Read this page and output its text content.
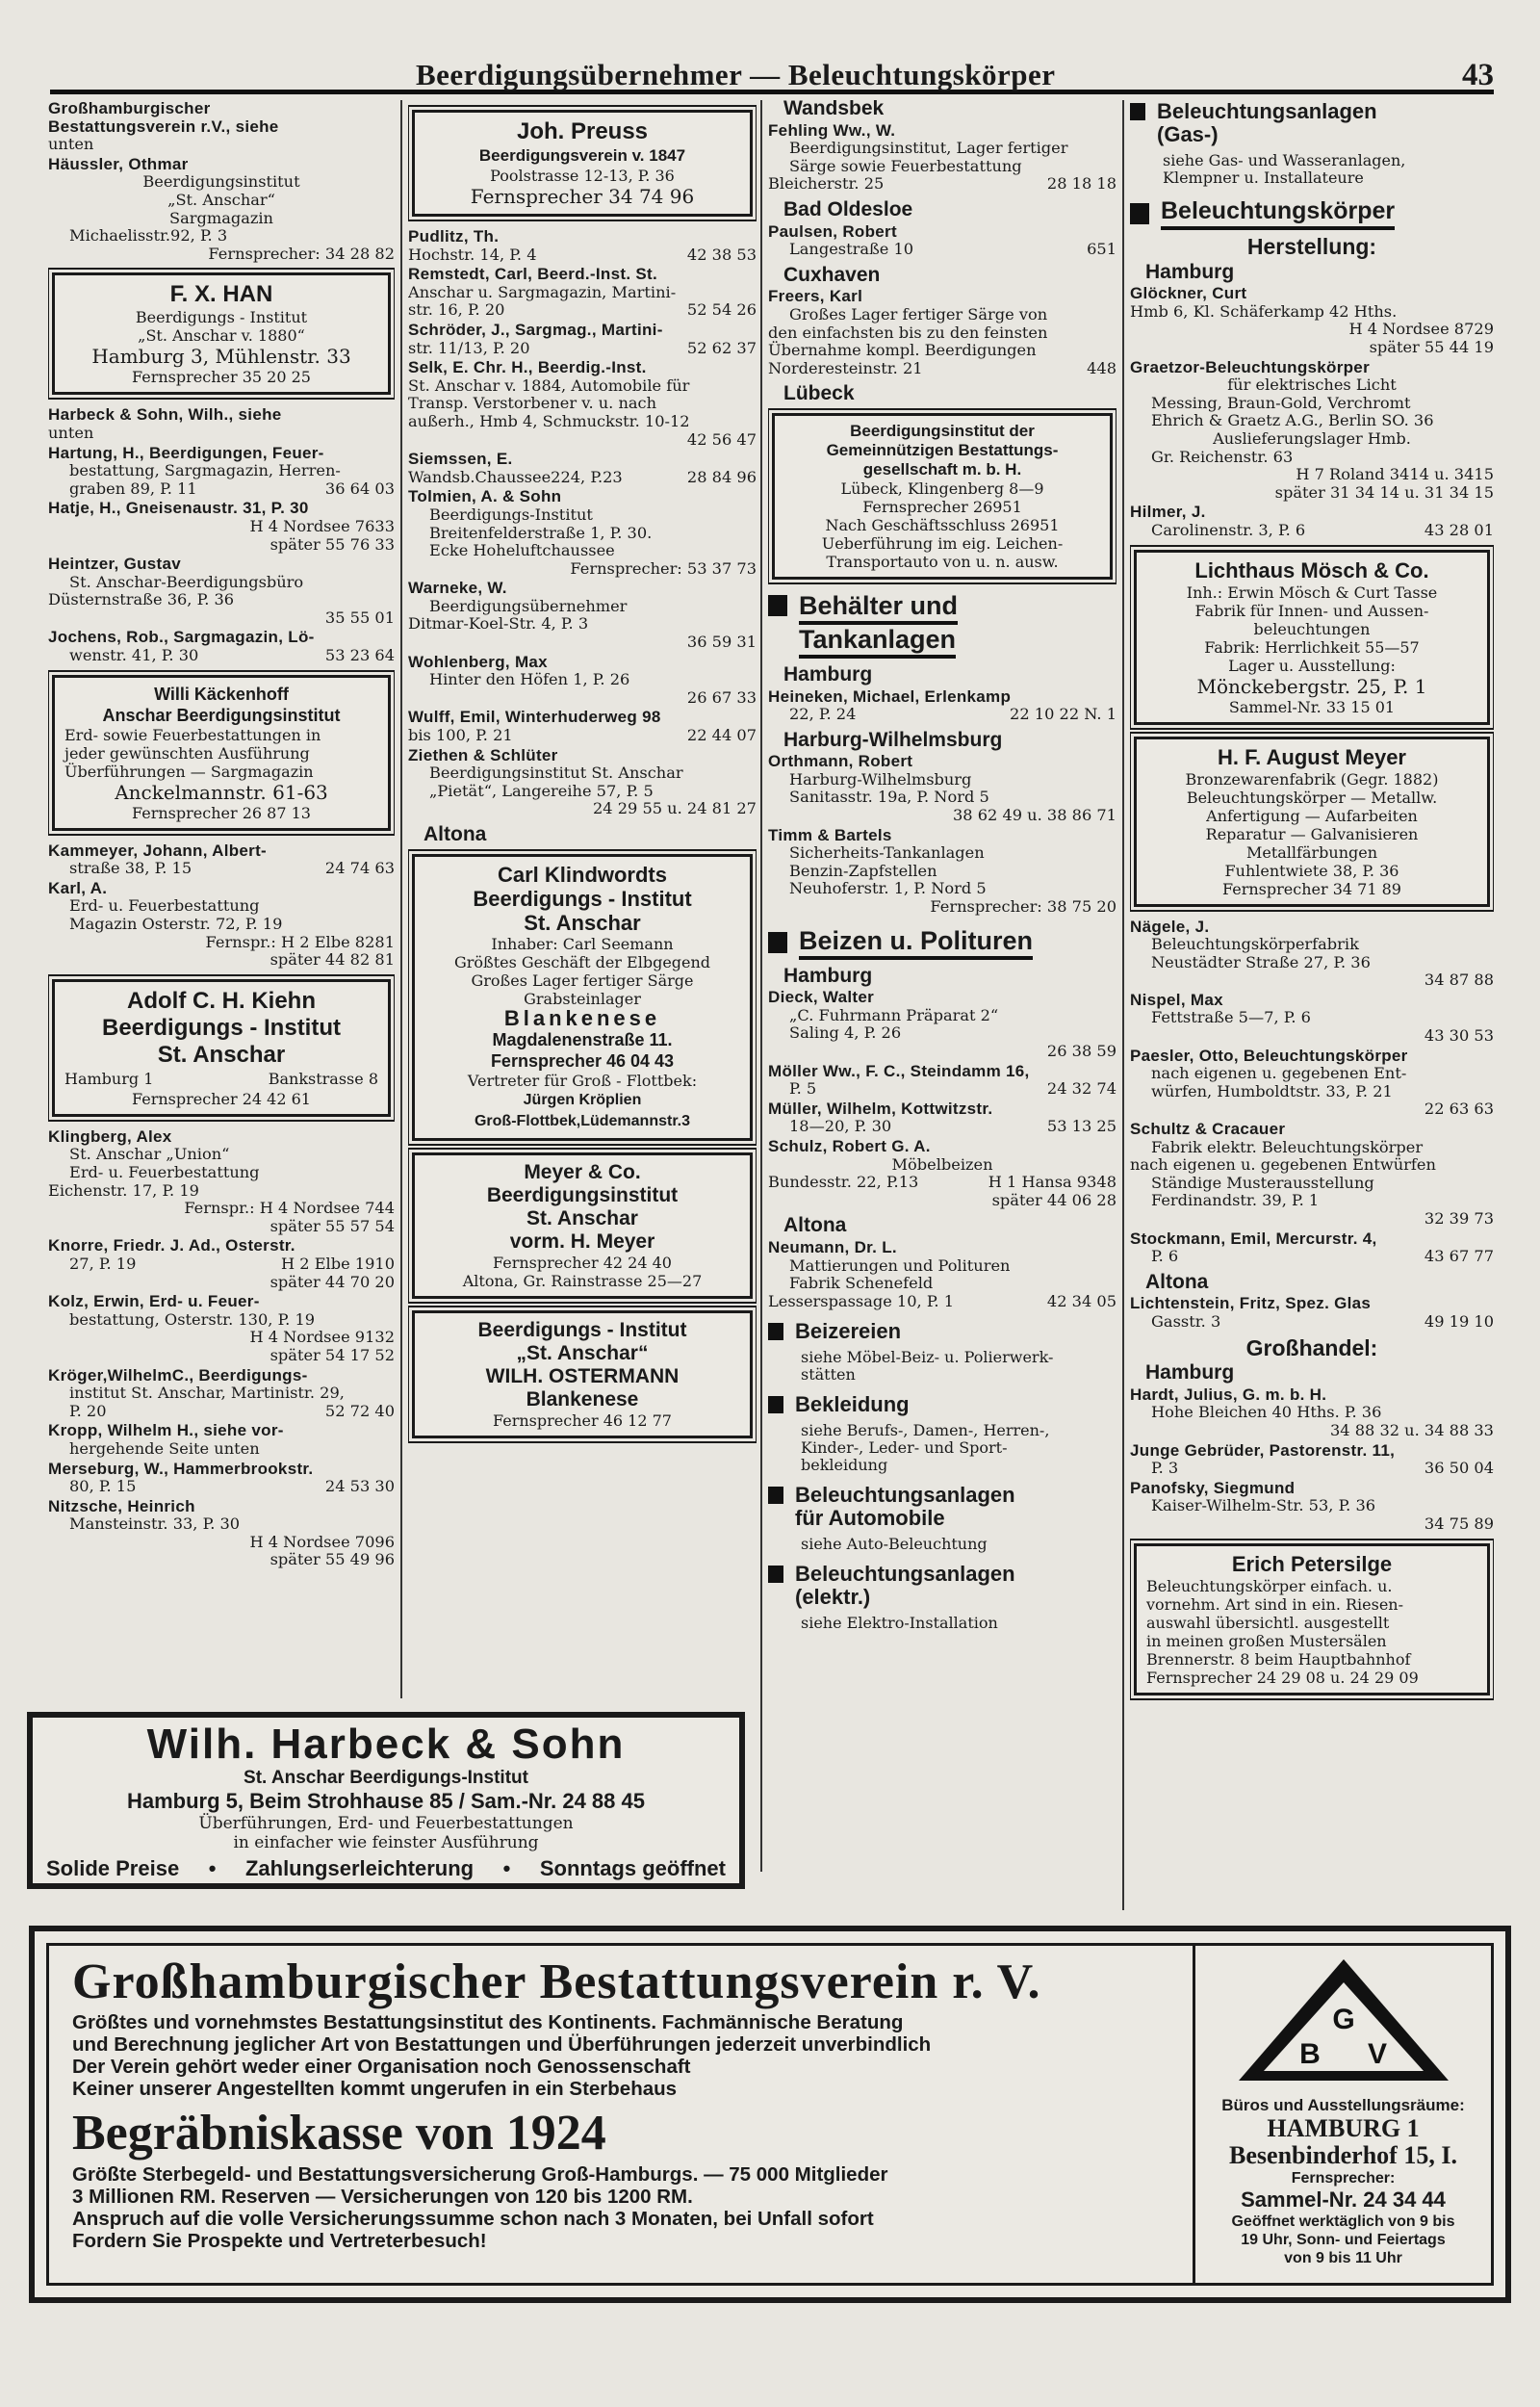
Beerdigungsübernehmer — Beleuchtungskörper	43
Großhamburgischer
Bestattungsverein r.V., siehe
unten
Häussler, Othmar
Beerdigungsinstitut
„St. Anschar“
Sargmagazin
Michaelisstr.92, P. 3
Fernsprecher: 34 28 82
F. X. HAN
Beerdigungs - Institut
„St. Anschar v. 1880“
Hamburg 3, Mühlenstr. 33
Fernsprecher 35 20 25
Harbeck & Sohn, Wilh., siehe
unten
Hartung, H., Beerdigungen, Feuer-
bestattung, Sargmagazin, Herren-
graben 89, P. 11	36 64 03
Hatje, H., Gneisenaustr. 31, P. 30
H 4 Nordsee 7633
später 55 76 33
Heintzer, Gustav
St. Anschar-Beerdigungsbüro
Düsternstraße 36, P. 36
35 55 01
Jochens, Rob., Sargmagazin, Lö-
wenstr. 41, P. 30	53 23 64
Willi Käckenhoff
Anschar Beerdigungsinstitut
Erd- sowie Feuerbestattungen in
jeder gewünschten Ausführung
Überführungen — Sargmagazin
Anckelmannstr. 61-63
Fernsprecher 26 87 13
Kammeyer, Johann, Albert-
straße 38, P. 15	24 74 63
Karl, A.
Erd- u. Feuerbestattung
Magazin Osterstr. 72, P. 19
Fernspr.: H 2 Elbe 8281
später 44 82 81
Adolf C. H. Kiehn
Beerdigungs - Institut
St. Anschar
Hamburg 1	Bankstrasse 8
Fernsprecher 24 42 61
Klingberg, Alex
St. Anschar „Union“
Erd- u. Feuerbestattung
Eichenstr. 17, P. 19
Fernspr.: H 4 Nordsee 744
später 55 57 54
Knorre, Friedr. J. Ad., Osterstr.
27, P. 19	H 2 Elbe 1910
später 44 70 20
Kolz, Erwin, Erd- u. Feuer-
bestattung, Osterstr. 130, P. 19
H 4 Nordsee 9132
später 54 17 52
Kröger,WilhelmC., Beerdigungs-
institut St. Anschar, Martinistr. 29,
P. 20	52 72 40
Kropp, Wilhelm H., siehe vor-
hergehende Seite unten
Merseburg, W., Hammerbrookstr.
80, P. 15	24 53 30
Nitzsche, Heinrich
Mansteinstr. 33, P. 30
H 4 Nordsee 7096
später 55 49 96
Joh. Preuss
Beerdigungsverein v. 1847
Poolstrasse 12-13, P. 36
Fernsprecher 34 74 96
Pudlitz, Th.
Hochstr. 14, P. 4	42 38 53
Remstedt, Carl, Beerd.-Inst. St.
Anschar u. Sargmagazin, Martini-
str. 16, P. 20	52 54 26
Schröder, J., Sargmag., Martini-
str. 11/13, P. 20	52 62 37
Selk, E. Chr. H., Beerdig.-Inst.
St. Anschar v. 1884, Automobile für
Transp. Verstorbener v. u. nach
außerh., Hmb 4, Schmuckstr. 10-12
42 56 47
Siemssen, E.
Wandsb.Chaussee224, P.23	28 84 96
Tolmien, A. & Sohn
Beerdigungs-Institut
Breitenfelderstraße 1, P. 30.
Ecke Hoheluftchaussee
Fernsprecher: 53 37 73
Warneke, W.
Beerdigungsübernehmer
Ditmar-Koel-Str. 4, P. 3
36 59 31
Wohlenberg, Max
Hinter den Höfen 1, P. 26
26 67 33
Wulff, Emil, Winterhuderweg 98
bis 100, P. 21	22 44 07
Ziethen & Schlüter
Beerdigungsinstitut St. Anschar
„Pietät“, Langereihe 57, P. 5
24 29 55 u. 24 81 27
Altona
Carl Klindwordts
Beerdigungs - Institut
St. Anschar
Inhaber: Carl Seemann
Größtes Geschäft der Elbgegend
Großes Lager fertiger Särge
Grabsteinlager
Blankenese
Magdalenenstraße 11.
Fernsprecher 46 04 43
Vertreter für Groß - Flottbek:
Jürgen Kröplien
Groß-Flottbek,Lüdemannstr.3
Meyer & Co.
Beerdigungsinstitut
St. Anschar
vorm. H. Meyer
Fernsprecher 42 24 40
Altona, Gr. Rainstrasse 25—27
Beerdigungs - Institut
„St. Anschar“
WILH. OSTERMANN
Blankenese
Fernsprecher 46 12 77
Wandsbek
Fehling Ww., W.
Beerdigungsinstitut, Lager fertiger
Särge sowie Feuerbestattung
Bleicherstr. 25	28 18 18
Bad Oldesloe
Paulsen, Robert
Langestraße 10	651
Cuxhaven
Freers, Karl
Großes Lager fertiger Särge von
den einfachsten bis zu den feinsten
Übernahme kompl. Beerdigungen
Norderesteinstr. 21	448
Lübeck
Beerdigungsinstitut der
Gemeinnützigen Bestattungs-
gesellschaft m. b. H.
Lübeck, Klingenberg 8—9
Fernsprecher 26951
Nach Geschäftsschluss 26951
Ueberführung im eig. Leichen-
Transportauto von u. n. ausw.
Behälter und
Tankanlagen
Hamburg
Heineken, Michael, Erlenkamp
22, P. 24	22 10 22 N. 1
Harburg-Wilhelmsburg
Orthmann, Robert
Harburg-Wilhelmsburg
Sanitasstr. 19a, P. Nord 5
38 62 49 u. 38 86 71
Timm & Bartels
Sicherheits-Tankanlagen
Benzin-Zapfstellen
Neuhoferstr. 1, P. Nord 5
Fernsprecher: 38 75 20
Beizen u. Polituren
Hamburg
Dieck, Walter
„C. Fuhrmann Präparat 2“
Saling 4, P. 26
26 38 59
Möller Ww., F. C., Steindamm 16,
P. 5	24 32 74
Müller, Wilhelm, Kottwitzstr.
18—20, P. 30	53 13 25
Schulz, Robert G. A.
Möbelbeizen
Bundesstr. 22, P.13	H 1 Hansa 9348
später 44 06 28
Altona
Neumann, Dr. L.
Mattierungen und Polituren
Fabrik Schenefeld
Lesserspassage 10, P. 1	42 34 05
Beizereien
siehe Möbel-Beiz- u. Polierwerk-
stätten
Bekleidung
siehe Berufs-, Damen-, Herren-,
Kinder-, Leder- und Sport-
bekleidung
Beleuchtungsanlagen
für Automobile
siehe Auto-Beleuchtung
Beleuchtungsanlagen
(elektr.)
siehe Elektro-Installation
Beleuchtungsanlagen
(Gas-)
siehe Gas- und Wasseranlagen,
Klempner u. Installateure
Beleuchtungskörper
Herstellung:
Hamburg
Glöckner, Curt
Hmb 6, Kl. Schäferkamp 42 Hths.
H 4 Nordsee 8729
später 55 44 19
Graetzor-Beleuchtungskörper
für elektrisches Licht
Messing, Braun-Gold, Verchromt
Ehrich & Graetz A.G., Berlin SO. 36
Auslieferungslager Hmb.
Gr. Reichenstr. 63
H 7 Roland 3414 u. 3415
später 31 34 14 u. 31 34 15
Hilmer, J.
Carolinenstr. 3, P. 6	43 28 01
Lichthaus Mösch & Co.
Inh.: Erwin Mösch & Curt Tasse
Fabrik für Innen- und Aussen-
beleuchtungen
Fabrik: Herrlichkeit 55—57
Lager u. Ausstellung:
Mönckebergstr. 25, P. 1
Sammel-Nr. 33 15 01
H. F. August Meyer
Bronzewarenfabrik (Gegr. 1882)
Beleuchtungskörper — Metallw.
Anfertigung — Aufarbeiten
Reparatur — Galvanisieren
Metallfärbungen
Fuhlentwiete 38, P. 36
Fernsprecher 34 71 89
Nägele, J.
Beleuchtungskörperfabrik
Neustädter Straße 27, P. 36
34 87 88
Nispel, Max
Fettstraße 5—7, P. 6
43 30 53
Paesler, Otto, Beleuchtungskörper
nach eigenen u. gegebenen Ent-
würfen, Humboldtstr. 33, P. 21
22 63 63
Schultz & Cracauer
Fabrik elektr. Beleuchtungskörper
nach eigenen u. gegebenen Entwürfen
Ständige Musterausstellung
Ferdinandstr. 39, P. 1
32 39 73
Stockmann, Emil, Mercurstr. 4,
P. 6	43 67 77
Altona
Lichtenstein, Fritz, Spez. Glas
Gasstr. 3	49 19 10
Großhandel:
Hamburg
Hardt, Julius, G. m. b. H.
Hohe Bleichen 40 Hths. P. 36
34 88 32 u. 34 88 33
Junge Gebrüder, Pastorenstr. 11,
P. 3	36 50 04
Panofsky, Siegmund
Kaiser-Wilhelm-Str. 53, P. 36
34 75 89
Erich Petersilge
Beleuchtungskörper einfach. u.
vornehm. Art sind in ein. Riesen-
auswahl übersichtl. ausgestellt
in meinen großen Mustersälen
Brennerstr. 8 beim Hauptbahnhof
Fernsprecher 24 29 08 u. 24 29 09
Wilh. Harbeck & Sohn
St. Anschar Beerdigungs-Institut
Hamburg 5, Beim Strohhause 85 / Sam.-Nr. 24 88 45
Überführungen, Erd- und Feuerbestattungen
in einfacher wie feinster Ausführung
Solide Preise • Zahlungserleichterung • Sonntags geöffnet
Großhamburgischer Bestattungsverein r. V.
Größtes und vornehmstes Bestattungsinstitut des Kontinents. Fachmännische Beratung
und Berechnung jeglicher Art von Bestattungen und Überführungen jederzeit unverbindlich
Der Verein gehört weder einer Organisation noch Genossenschaft
Keiner unserer Angestellten kommt ungerufen in ein Sterbehaus
Begräbniskasse von 1924
Größte Sterbegeld- und Bestattungsversicherung Groß-Hamburgs. — 75 000 Mitglieder
3 Millionen RM. Reserven — Versicherungen von 120 bis 1200 RM.
Anspruch auf die volle Versicherungssumme schon nach 3 Monaten, bei Unfall sofort
Fordern Sie Prospekte und Vertreterbesuch!
G
B V
Büros und Ausstellungsräume:
HAMBURG 1
Besenbinderhof 15, I.
Fernsprecher:
Sammel-Nr. 24 34 44
Geöffnet werktäglich von 9 bis
19 Uhr, Sonn- und Feiertags
von 9 bis 11 Uhr
